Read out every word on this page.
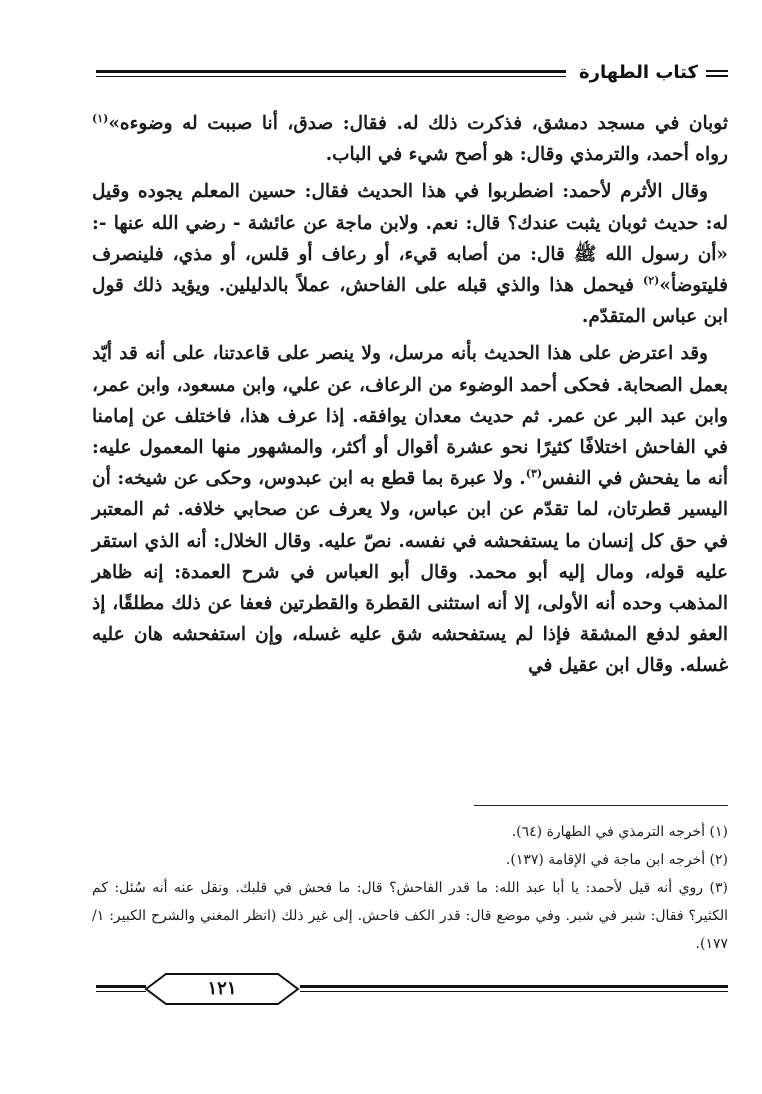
كتاب الطهارة

ثوبان في مسجد دمشق، فذكرت ذلك له. فقال: صدق، أنا صببت له وضوءه»$^{(١)}$ رواه أحمد، والترمذي وقال: هو أصح شيء في الباب.

وقال الأثرم لأحمد: اضطربوا في هذا الحديث فقال: حسين المعلم يجوده وقيل له: حديث ثوبان يثبت عندك؟ قال: نعم. ولابن ماجة عن عائشة - رضي الله عنها -: «أن رسول الله ﷺ قال: من أصابه قيء، أو رعاف أو قلس، أو مذي، فلينصرف فليتوضأ»$^{(٢)}$ فيحمل هذا والذي قبله على الفاحش، عملاً بالدليلين. ويؤيد ذلك قول ابن عباس المتقدّم.

وقد اعترض على هذا الحديث بأنه مرسل، ولا ينصر على قاعدتنا، على أنه قد أيّد بعمل الصحابة. فحكى أحمد الوضوء من الرعاف، عن علي، وابن مسعود، وابن عمر، وابن عبد البر عن عمر. ثم حديث معدان يوافقه. إذا عرف هذا، فاختلف عن إمامنا في الفاحش اختلافًا كثيرًا نحو عشرة أقوال أو أكثر، والمشهور منها المعمول عليه: أنه ما يفحش في النفس$^{(٣)}$. ولا عبرة بما قطع به ابن عبدوس، وحكى عن شيخه: أن اليسير قطرتان، لما تقدّم عن ابن عباس، ولا يعرف عن صحابي خلافه. ثم المعتبر في حق كل إنسان ما يستفحشه في نفسه. نصّ عليه. وقال الخلال: أنه الذي استقر عليه قوله، ومال إليه أبو محمد. وقال أبو العباس في شرح العمدة: إنه ظاهر المذهب وحده أنه الأولى، إلا أنه استثنى القطرة والقطرتين فعفا عن ذلك مطلقًا، إذ العفو لدفع المشقة فإذا لم يستفحشه شق عليه غسله، وإن استفحشه هان عليه غسله. وقال ابن عقيل في

(١) أخرجه الترمذي في الطهارة (٦٤).
(٢) أخرجه ابن ماجة في الإقامة (١٣٧).
(٣) روي أنه قيل لأحمد: يا أبا عبد الله: ما قدر الفاحش؟ قال: ما فحش في قلبك. ونقل عنه أنه سُئل: كم الكثير؟ فقال: شبر في شبر. وفي موضع قال: قدر الكف فاحش. إلى غير ذلك (انظر المغني والشرح الكبير: ١/ ١٧٧).
١٢١
